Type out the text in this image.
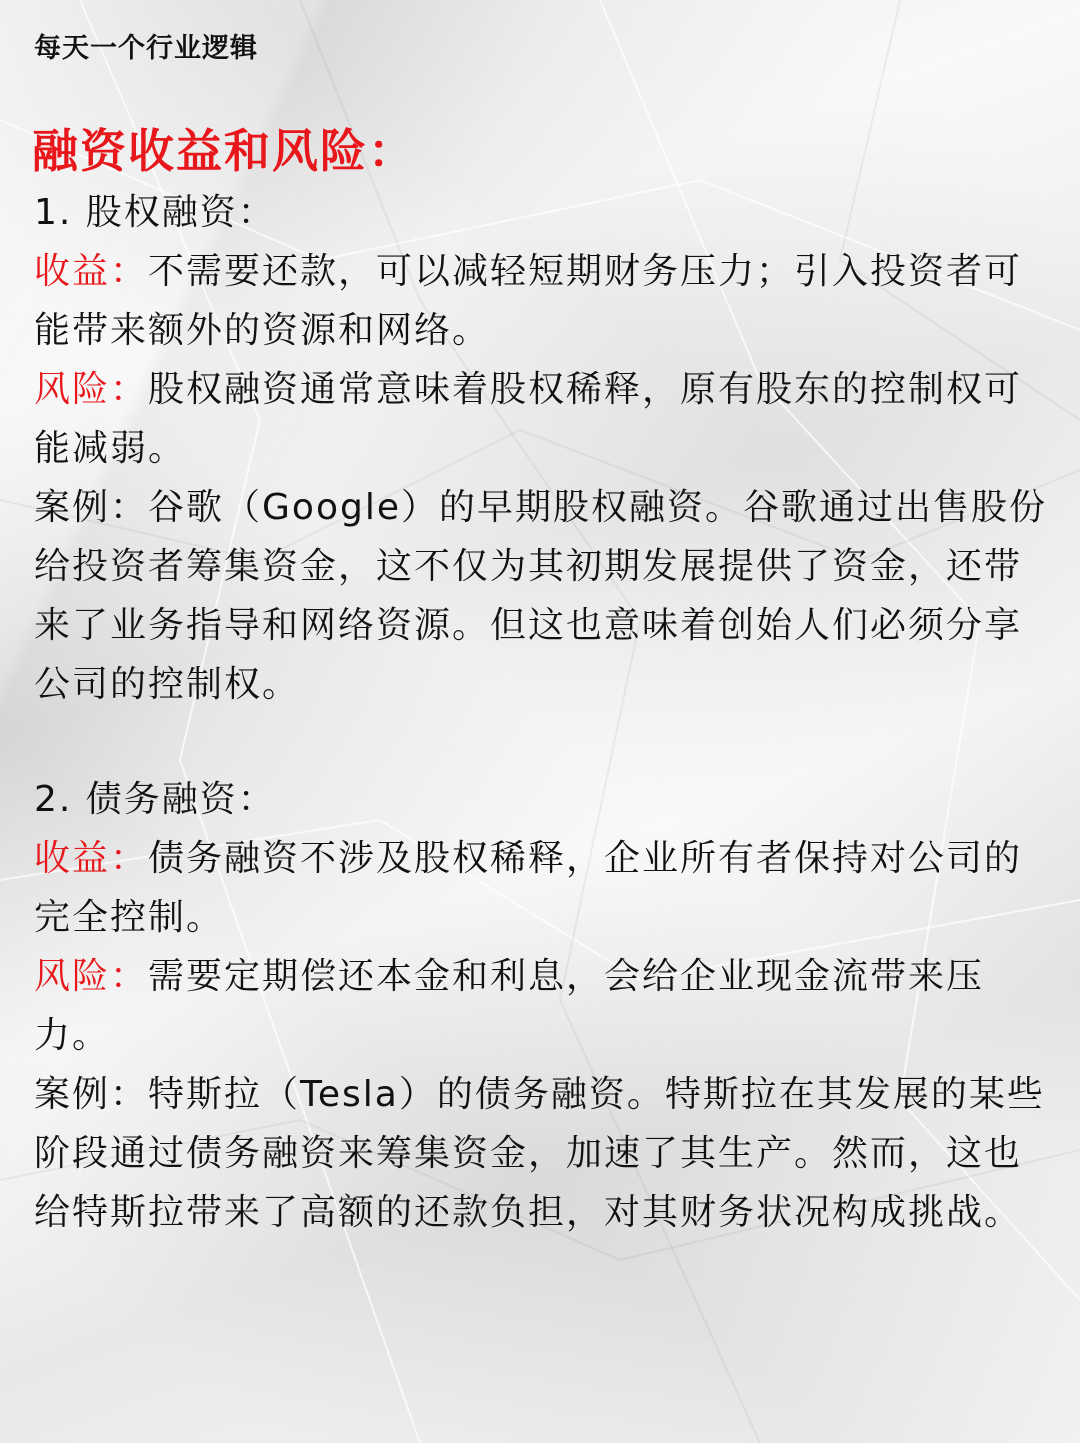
每天一个行业逻辑
融资收益和风险：
1. 股权融资：
收益：不需要还款，可以减轻短期财务压力；引入投资者可能带来额外的资源和网络。
风险：股权融资通常意味着股权稀释，原有股东的控制权可能减弱。
案例：谷歌（Google）的早期股权融资。谷歌通过出售股份给投资者筹集资金，这不仅为其初期发展提供了资金，还带来了业务指导和网络资源。但这也意味着创始人们必须分享公司的控制权。
2. 债务融资：
收益：债务融资不涉及股权稀释，企业所有者保持对公司的完全控制。
风险：需要定期偿还本金和利息，会给企业现金流带来压力。
案例：特斯拉（Tesla）的债务融资。特斯拉在其发展的某些阶段通过债务融资来筹集资金，加速了其生产。然而，这也给特斯拉带来了高额的还款负担，对其财务状况构成挑战。
